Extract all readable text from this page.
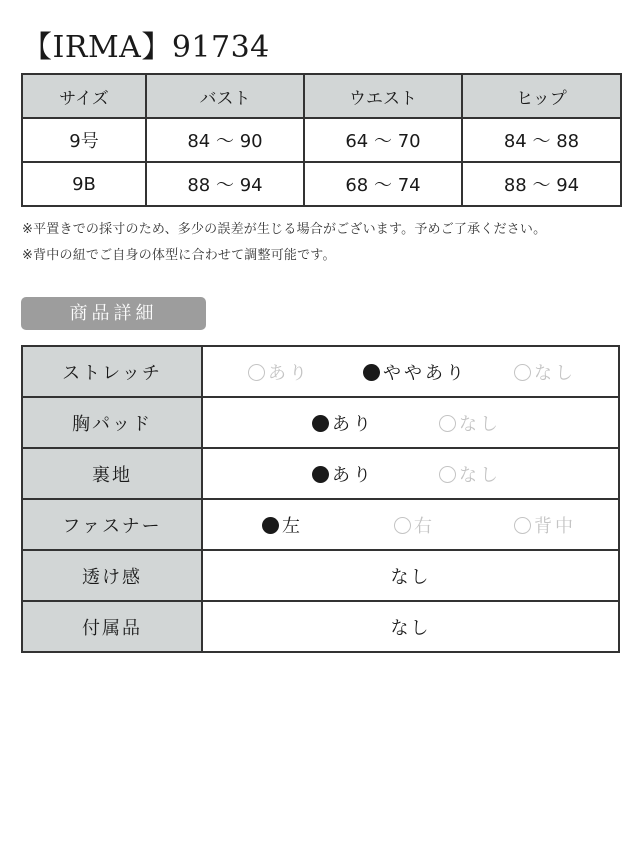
【IRMA】91734
サイズ	バスト	ウエスト	ヒップ
9号	84 〜 90	64 〜 70	84 〜 88
9B	88 〜 94	68 〜 74	88 〜 94
※平置きでの採寸のため、多少の誤差が生じる場合がございます。予めご了承ください。
※背中の紐でご自身の体型に合わせて調整可能です。
商品詳細
ストレッチ	あり ややあり なし

胸パッド	あり なし

裏地	あり なし

ファスナー	左 右 背中

透け感	なし
付属品	なし
